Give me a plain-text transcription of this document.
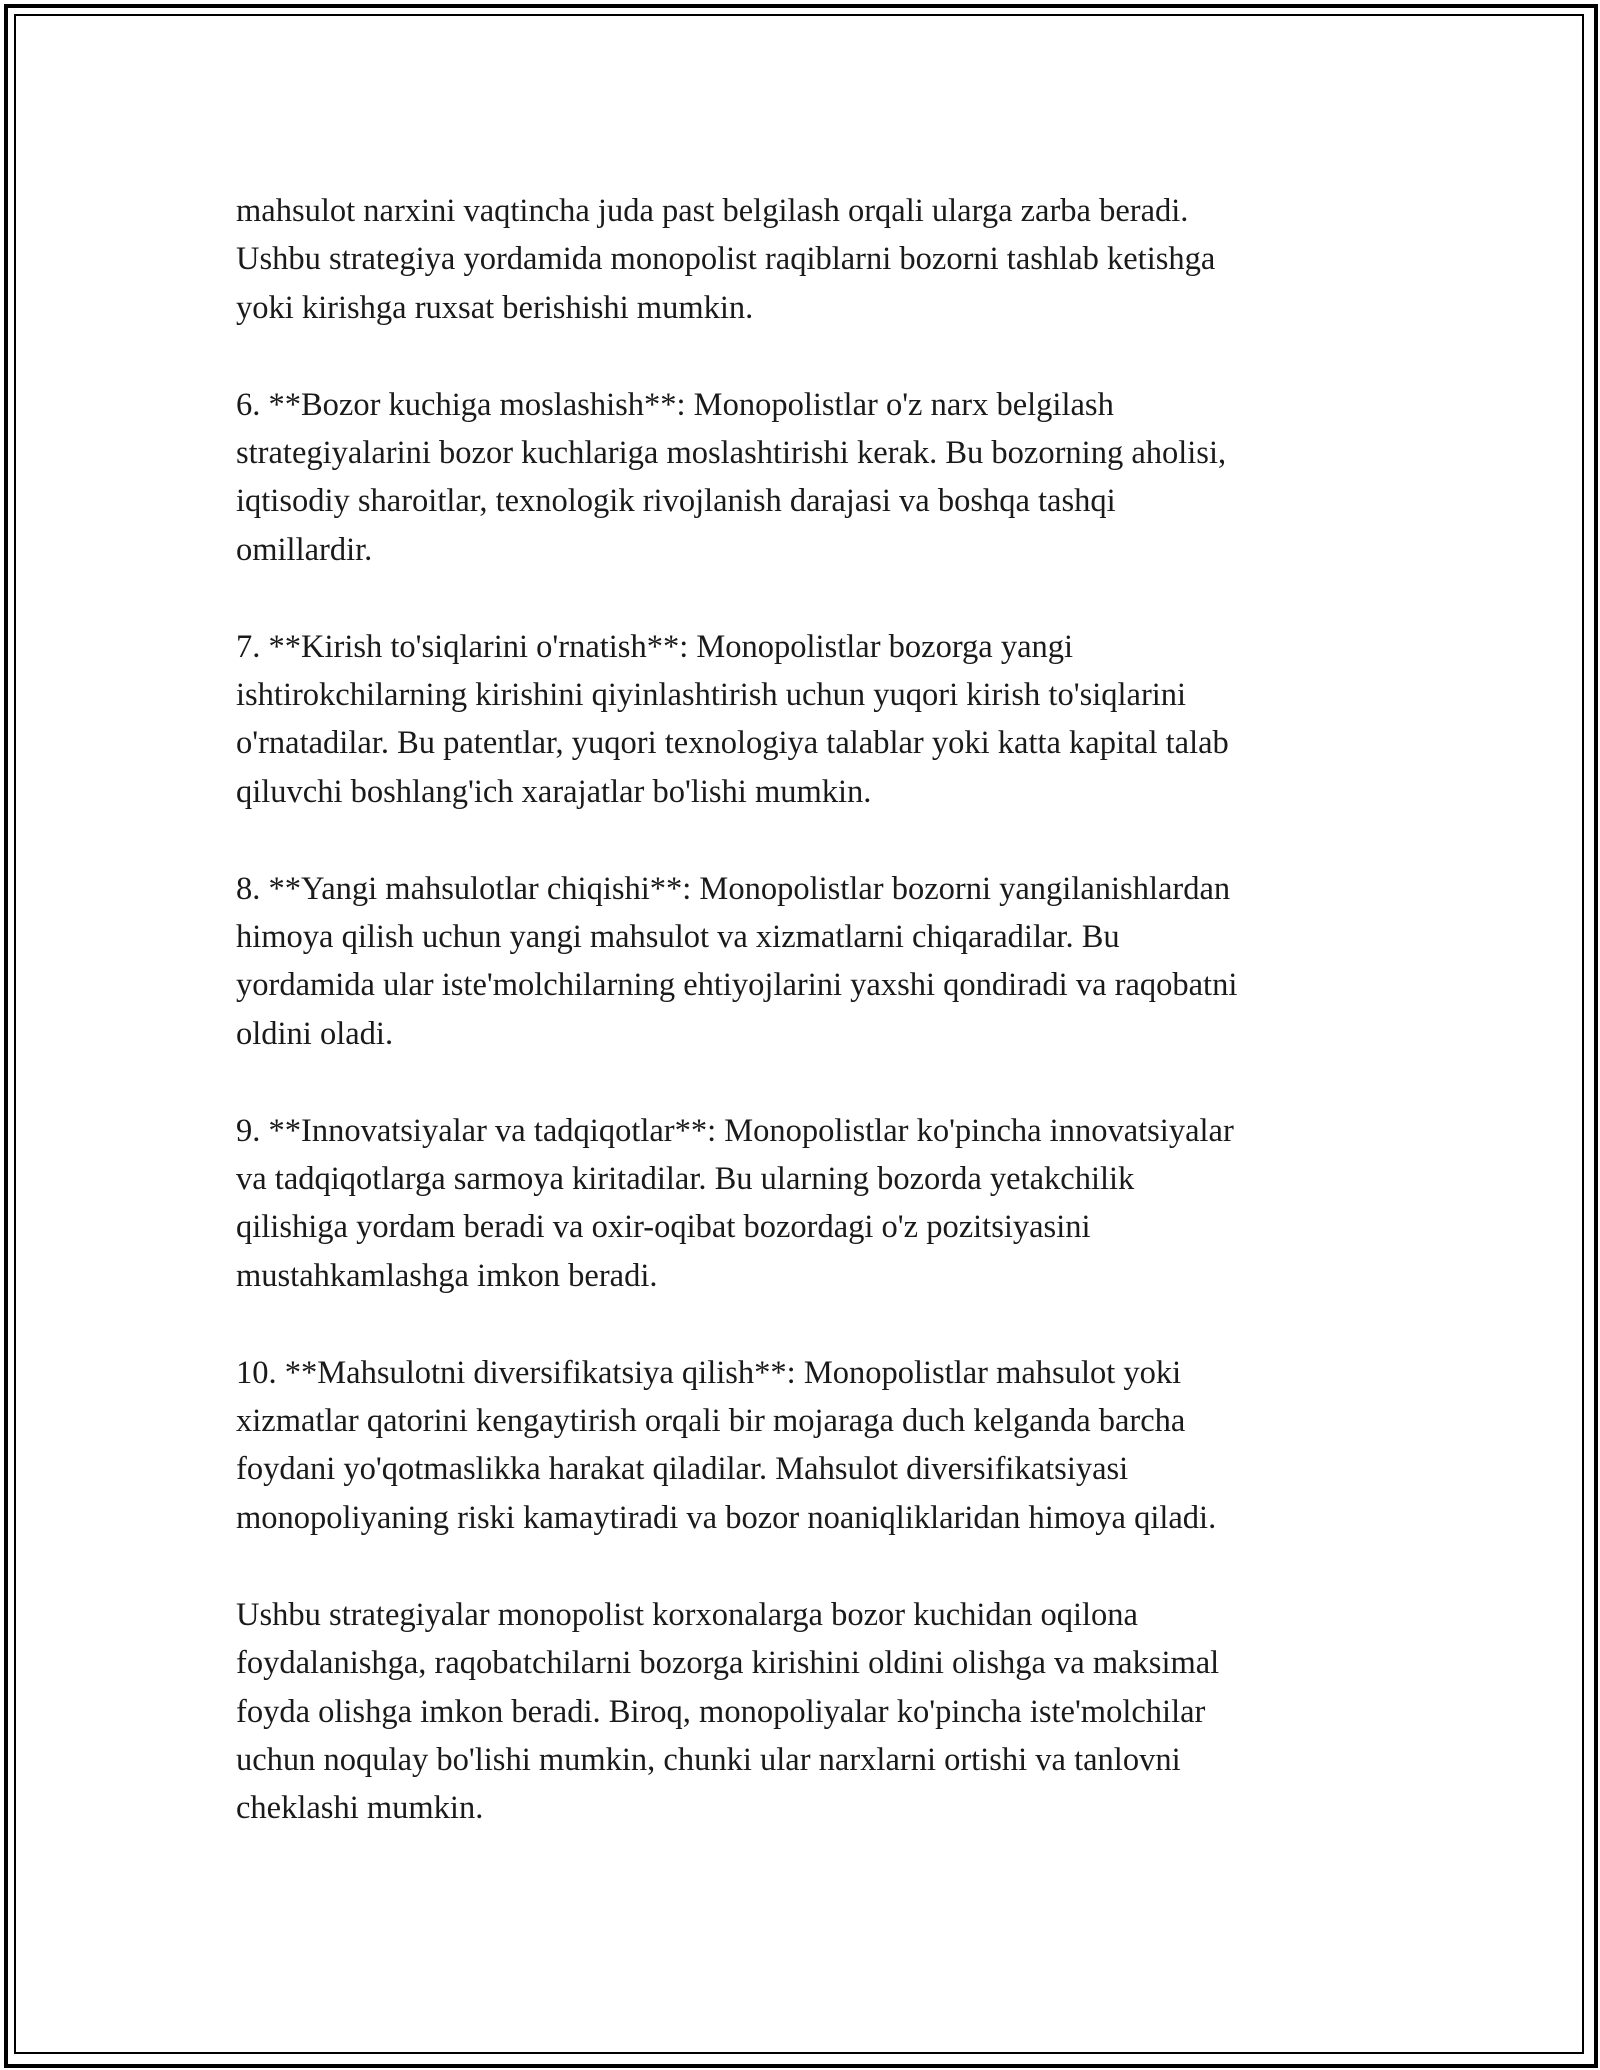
mahsulot narxini vaqtincha juda past belgilash orqali ularga zarba beradi.
Ushbu strategiya yordamida monopolist raqiblarni bozorni tashlab ketishga
yoki kirishga ruxsat berishishi mumkin.

6. **Bozor kuchiga moslashish**: Monopolistlar o'z narx belgilash
strategiyalarini bozor kuchlariga moslashtirishi kerak. Bu bozorning aholisi,
iqtisodiy sharoitlar, texnologik rivojlanish darajasi va boshqa tashqi
omillardir.

7. **Kirish to'siqlarini o'rnatish**: Monopolistlar bozorga yangi
ishtirokchilarning kirishini qiyinlashtirish uchun yuqori kirish to'siqlarini
o'rnatadilar. Bu patentlar, yuqori texnologiya talablar yoki katta kapital talab
qiluvchi boshlang'ich xarajatlar bo'lishi mumkin.

8. **Yangi mahsulotlar chiqishi**: Monopolistlar bozorni yangilanishlardan
himoya qilish uchun yangi mahsulot va xizmatlarni chiqaradilar. Bu
yordamida ular iste'molchilarning ehtiyojlarini yaxshi qondiradi va raqobatni
oldini oladi.

9. **Innovatsiyalar va tadqiqotlar**: Monopolistlar ko'pincha innovatsiyalar
va tadqiqotlarga sarmoya kiritadilar. Bu ularning bozorda yetakchilik
qilishiga yordam beradi va oxir-oqibat bozordagi o'z pozitsiyasini
mustahkamlashga imkon beradi.

10. **Mahsulotni diversifikatsiya qilish**: Monopolistlar mahsulot yoki
xizmatlar qatorini kengaytirish orqali bir mojaraga duch kelganda barcha
foydani yo'qotmaslikka harakat qiladilar. Mahsulot diversifikatsiyasi
monopoliyaning riski kamaytiradi va bozor noaniqliklaridan himoya qiladi.

Ushbu strategiyalar monopolist korxonalarga bozor kuchidan oqilona
foydalanishga, raqobatchilarni bozorga kirishini oldini olishga va maksimal
foyda olishga imkon beradi. Biroq, monopoliyalar ko'pincha iste'molchilar
uchun noqulay bo'lishi mumkin, chunki ular narxlarni ortishi va tanlovni
cheklashi mumkin.
